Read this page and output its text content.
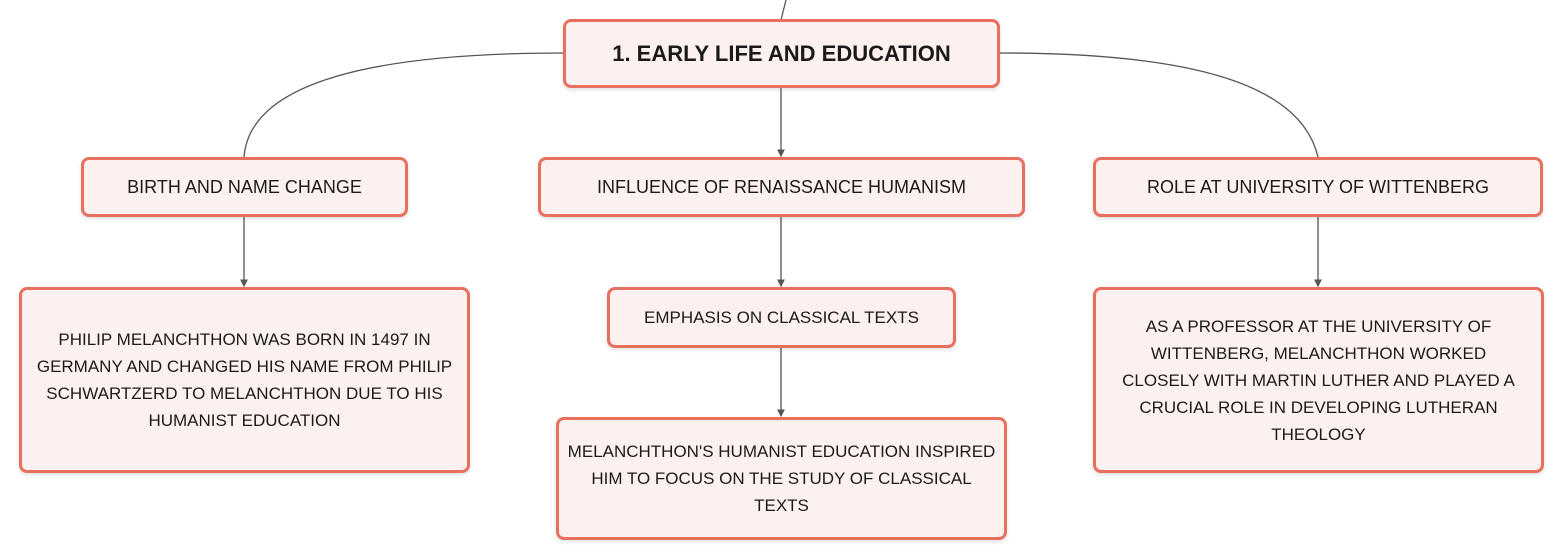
1. EARLY LIFE AND EDUCATION
BIRTH AND NAME CHANGE	INFLUENCE OF RENAISSANCE HUMANISM	ROLE AT UNIVERSITY OF WITTENBERG
PHILIP MELANCHTHON WAS BORN IN 1497 IN GERMANY AND CHANGED HIS NAME FROM PHILIP SCHWARTZERD TO MELANCHTHON DUE TO HIS HUMANIST EDUCATION
EMPHASIS ON CLASSICAL TEXTS
MELANCHTHON'S HUMANIST EDUCATION INSPIRED HIM TO FOCUS ON THE STUDY OF CLASSICAL TEXTS
AS A PROFESSOR AT THE UNIVERSITY OF WITTENBERG, MELANCHTHON WORKED CLOSELY WITH MARTIN LUTHER AND PLAYED A CRUCIAL ROLE IN DEVELOPING LUTHERAN THEOLOGY
